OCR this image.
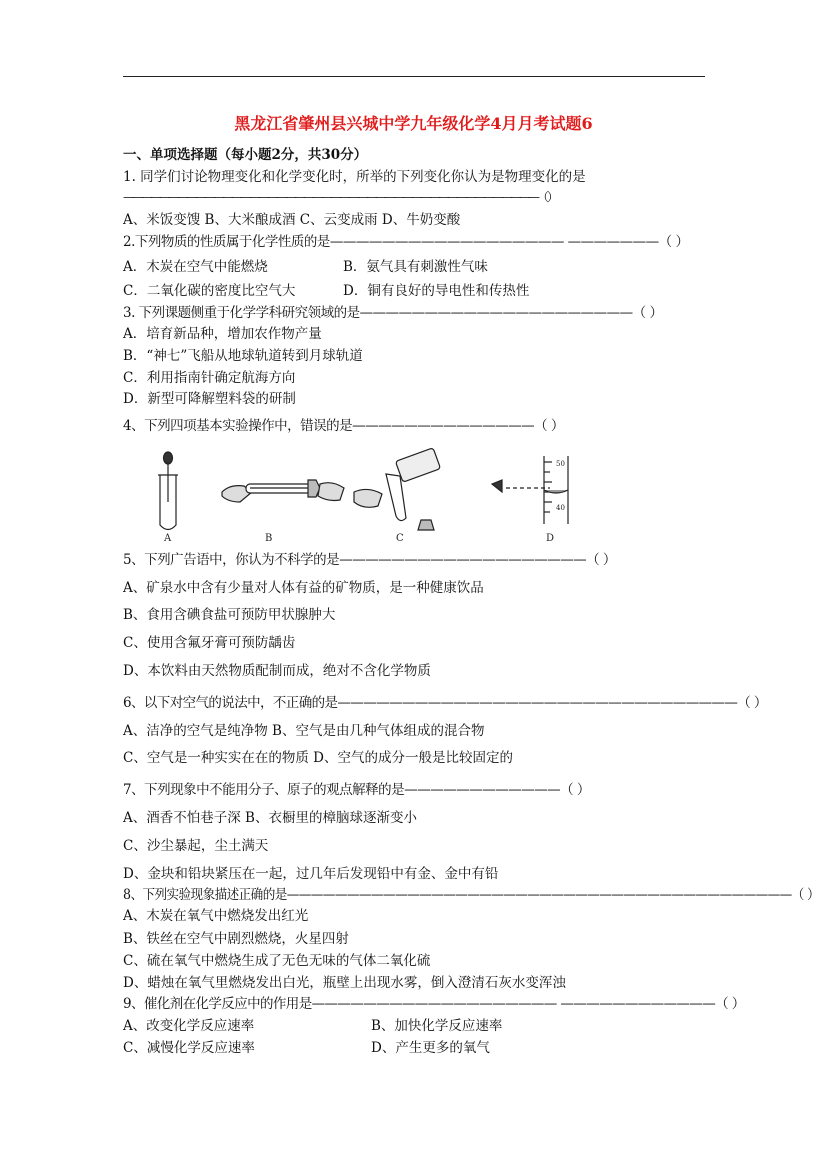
黑龙江省肇州县兴城中学九年级化学4月月考试题6
一、单项选择题（每小题2分，共30分）
1. 同学们讨论物理变化和化学变化时，所举的下列变化你认为是物理变化的是
——————————————————————————————————————————————（ ）
A、米饭变馊 B、大米酿成酒 C、云变成雨 D、牛奶变酸
2.下列物质的性质属于化学性质的是—————————————————— ———————（ ）
A．木炭在空气中能燃烧	B．氨气具有刺激性气味
C．二氧化碳的密度比空气大	D．铜有良好的导电性和传热性
3. 下列课题侧重于化学学科研究领域的是—————————————————————（ ）
A．培育新品种，增加农作物产量
B．“神七”飞船从地球轨道转到月球轨道
C．利用指南针确定航海方向
D．新型可降解塑料袋的研制
4、下列四项基本实验操作中，错误的是——————————————（ ）
A	B	C
50
40
D
5、下列广告语中，你认为不科学的是———————————————————（ ）
A、矿泉水中含有少量对人体有益的矿物质，是一种健康饮品
B、食用含碘食盐可预防甲状腺肿大
C、使用含氟牙膏可预防龋齿
D、本饮料由天然物质配制而成，绝对不含化学物质
6、以下对空气的说法中，不正确的是———————————————————————————————（ ）
A、洁净的空气是纯净物 B、空气是由几种气体组成的混合物
C、空气是一种实实在在的物质 D、空气的成分一般是比较固定的
7、下列现象中不能用分子、原子的观点解释的是————————————（ ）
A、酒香不怕巷子深 B、衣橱里的樟脑球逐渐变小
C、沙尘暴起，尘土满天
D、金块和铅块紧压在一起，过几年后发现铅中有金、金中有铅
8、下列实验现象描述正确的是——————————————————————————————————————————（ ）
A、木炭在氧气中燃烧发出红光
B、铁丝在空气中剧烈燃烧，火星四射
C、硫在氧气中燃烧生成了无色无味的气体二氧化硫
D、蜡烛在氧气里燃烧发出白光，瓶壁上出现水雾，倒入澄清石灰水变浑浊
9、催化剂在化学反应中的作用是——————————————————— ————————————（ ）
A、改变化学反应速率	B、加快化学反应速率
C、减慢化学反应速率	D、产生更多的氧气
